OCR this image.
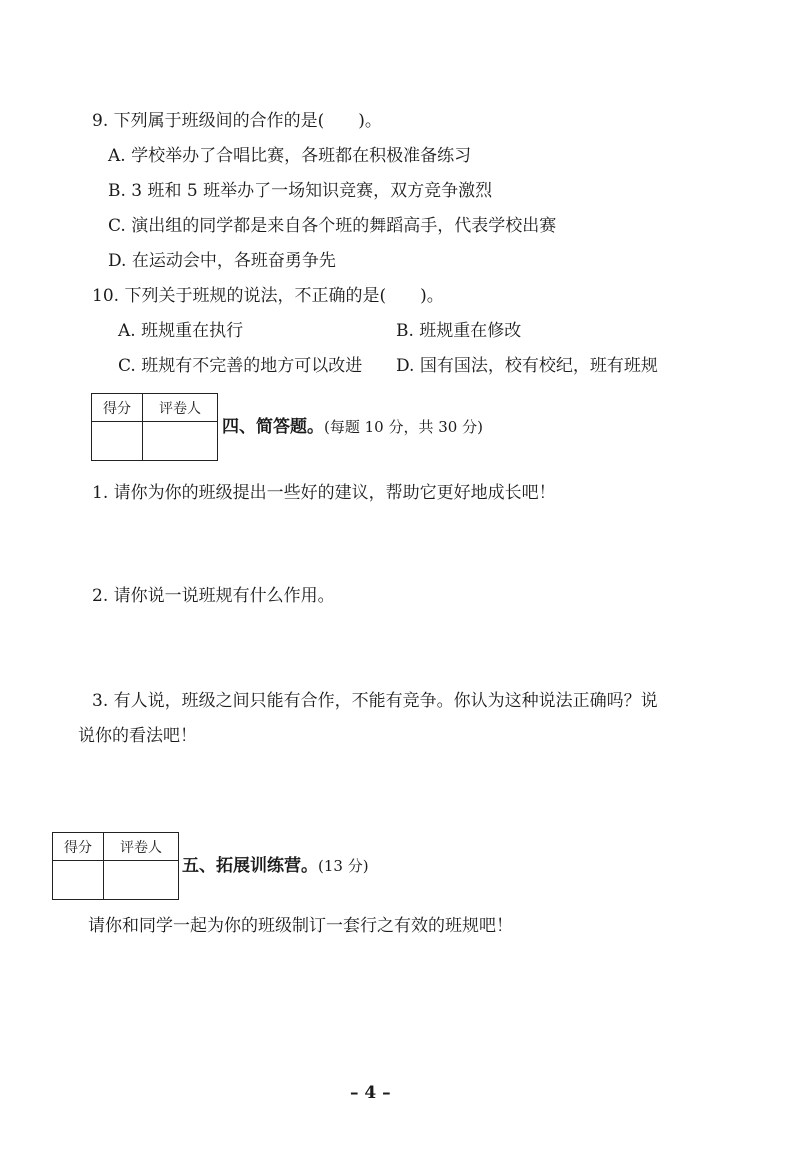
9. 下列属于班级间的合作的是(　　)。
A. 学校举办了合唱比赛，各班都在积极准备练习
B. 3 班和 5 班举办了一场知识竞赛，双方竞争激烈
C. 演出组的同学都是来自各个班的舞蹈高手，代表学校出赛
D. 在运动会中，各班奋勇争先
10. 下列关于班规的说法，不正确的是(　　)。
A. 班规重在执行	B. 班规重在修改
C. 班规有不完善的地方可以改进 D. 国有国法，校有校纪，班有班规
得分	评卷人

四、简答题。(每题 10 分，共 30 分)
1. 请你为你的班级提出一些好的建议，帮助它更好地成长吧！
2. 请你说一说班规有什么作用。
3. 有人说，班级之间只能有合作，不能有竞争。你认为这种说法正确吗？说
说你的看法吧！
得分	评卷人

五、拓展训练营。(13 分)
请你和同学一起为你的班级制订一套行之有效的班规吧！
– 4 –
